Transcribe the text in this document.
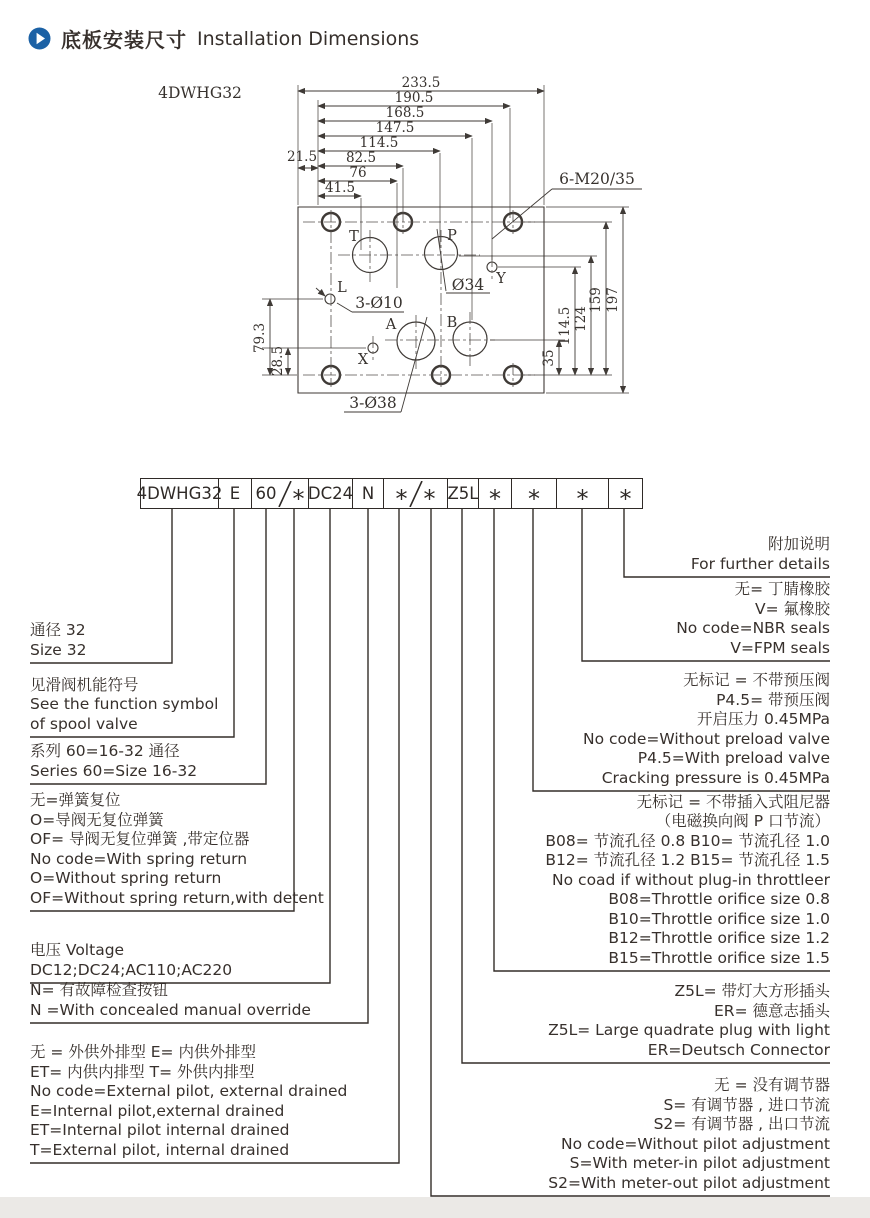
底板安装尺寸 Installation Dimensions
4DWHG32
233.5
190.5
168.5
147.5
114.5
82.5
76
41.5
21.5
35
114.5 124
159 197
79.3
28.5
T	P
A	B
L
X
Y
6-M20/35
Ø34
3-Ø10
3-Ø38
4DWHG32 E 60 * DC24 N * * Z5L * * * *
通径 32
Size 32
见滑阀机能符号
See the function symbol
of spool valve
系列 60=16-32 通径
Series 60=Size 16-32
无=弹簧复位
O=导阀无复位弹簧
OF= 导阀无复位弹簧 ,带定位器
No code=With spring return
O=Without spring return
OF=Without spring return,with detent
电压 Voltage
DC12;DC24;AC110;AC220
N= 有故障检查按钮
N =With concealed manual override
无 = 外供外排型 E= 内供外排型
ET= 内供内排型 T= 外供内排型
No code=External pilot, external drained
E=Internal pilot,external drained
ET=Internal pilot internal drained
T=External pilot, internal drained
附加说明
For further details
无= 丁腈橡胶
V= 氟橡胶
No code=NBR seals
V=FPM seals
无标记 = 不带预压阀
P4.5= 带预压阀
开启压力 0.45MPa
No code=Without preload valve
P4.5=With preload valve
Cracking pressure is 0.45MPa
无标记 = 不带插入式阻尼器
（电磁换向阀 P 口节流）
B08= 节流孔径 0.8 B10= 节流孔径 1.0
B12= 节流孔径 1.2 B15= 节流孔径 1.5
No coad if without plug-in throttleer
B08=Throttle orifice size 0.8
B10=Throttle orifice size 1.0
B12=Throttle orifice size 1.2
B15=Throttle orifice size 1.5
Z5L= 带灯大方形插头
ER= 德意志插头
Z5L= Large quadrate plug with light
ER=Deutsch Connector
无 = 没有调节器
S= 有调节器 , 进口节流
S2= 有调节器 , 出口节流
No code=Without pilot adjustment
S=With meter-in pilot adjustment
S2=With meter-out pilot adjustment
